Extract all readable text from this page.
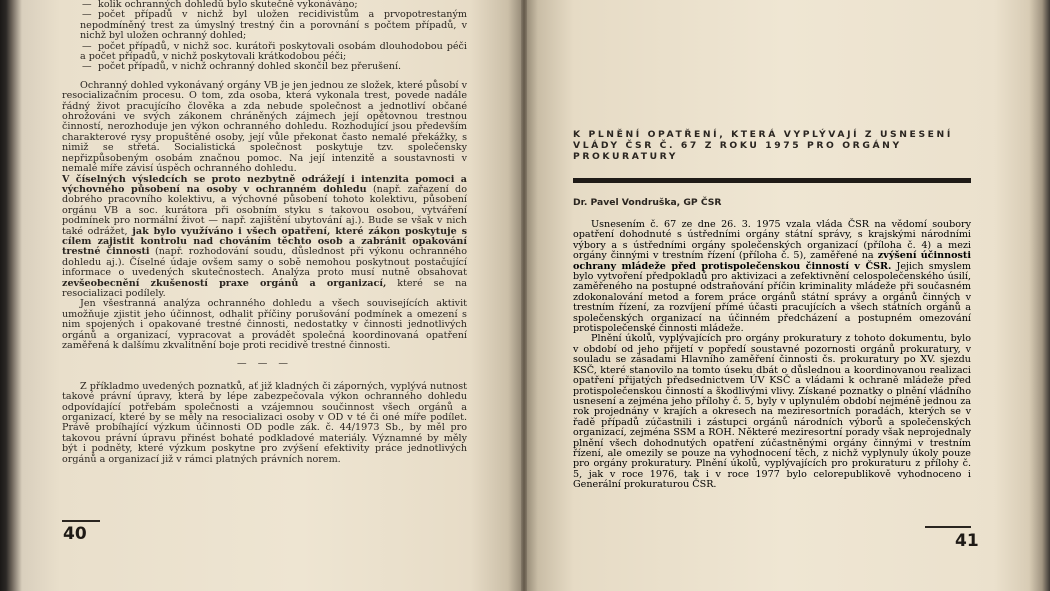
— kolik ochranných dohledů bylo skutečně vykonáváno;

— počet případů v nichž byl uložen recidivistům a prvopotrestaným nepodmíněný trest za úmyslný trestný čin a porovnání s počtem případů, v nichž byl uložen ochranný dohled;

— počet případů, v nichž soc. kurátoři poskytovali osobám dlouhodobou péči a počet případů, v nichž poskytovali krátkodobou péči;

— počet případů, v nichž ochranný dohled skončil bez přerušení.

Ochranný dohled vykonávaný orgány VB je jen jednou ze složek, které působí v resocializačním procesu. O tom, zda osoba, která vykonala trest, povede nadále řádný život pracujícího člověka a zda nebude společnost a jednotliví občané ohrožováni ve svých zákonem chráněných zájmech její opětovnou trestnou činností, nerozhoduje jen výkon ochranného dohledu. Rozhodující jsou především charakterové rysy propuštěné osoby, její vůle překonat často nemalé překážky, s nimiž se střetá. Socialistická společnost poskytuje tzv. společensky nepřizpůsobeným osobám značnou pomoc. Na její intenzitě a soustavnosti v nemalé míře závisí úspěch ochranného dohledu.

V číselných výsledcích se proto nezbytně odrážejí i intenzita pomoci a výchovného působení na osoby v ochranném dohledu (např. zařazení do dobrého pracovního kolektivu, a výchovné působení tohoto kolektivu, působení orgánu VB a soc. kurátora při osobním styku s takovou osobou, vytváření podmínek pro normální život — např. zajištění ubytování aj.). Bude se však v nich také odrážet, jak bylo využíváno i všech opatření, které zákon poskytuje s cílem zajistit kontrolu nad chováním těchto osob a zabránit opakování trestné činnosti (např. rozhodování soudu, důslednost při výkonu ochranného dohledu aj.). Číselné údaje ovšem samy o sobě nemohou poskytnout postačující informace o uvedených skutečnostech. Analýza proto musí nutně obsahovat zevšeobecnění zkušeností praxe orgánů a organizací, které se na resocializaci podílely.

Jen všestranná analýza ochranného dohledu a všech souvisejících aktivit umožňuje zjistit jeho účinnost, odhalit příčiny porušování podmínek a omezení s nim spojených i opakované trestné činnosti, nedostatky v činnosti jednotlivých orgánů a organizací, vypracovat a provádět společná koordinovaná opatření zaměřená k dalšímu zkvalitnění boje proti recidivě trestné činnosti.

— — —

Z příkladmo uvedených poznatků, ať již kladných či záporných, vyplývá nutnost takové právní úpravy, která by lépe zabezpečovala výkon ochranného dohledu odpovídající potřebám společnosti a vzájemnou součinnost všech orgánů a organizací, které by se měly na resocializaci osoby v OD v té či oné míře podílet. Právě probíhající výzkum účinnosti OD podle zák. č. 44/1973 Sb., by měl pro takovou právní úpravu přinést bohaté podkladové materiály. Významné by měly být i podněty, které výzkum poskytne pro zvýšení efektivity práce jednotlivých orgánů a organizací již v rámci platných právních norem.

40
K PLNĚNÍ OPATŘENÍ, KTERÁ VYPLÝVAJÍ Z USNESENÍ VLÁDY ČSR Č. 67 Z ROKU 1975 PRO ORGÁNY PROKURATURY
Dr. Pavel Vondruška, GP ČSR

Usnesením č. 67 ze dne 26. 3. 1975 vzala vláda ČSR na vědomí soubory opatření dohodnuté s ústředními orgány státní správy, s krajskými národními výbory a s ústředními orgány společenských organizací (příloha č. 4) a mezi orgány činnými v trestním řízení (příloha č. 5), zaměřené na zvýšení účinnosti ochrany mládeže před protispolečenskou činností v ČSR. Jejich smyslem bylo vytvoření předpokladů pro aktivizaci a zefektivnění celospolečenského úsilí, zaměřeného na postupné odstraňování příčin kriminality mládeže při současném zdokonalování metod a forem práce orgánů státní správy a orgánů činných v trestním řízení, za rozvíjení přímé účasti pracujících a všech státních orgánů a společenských organizací na účinném předcházení a postupném omezování protispolečenské činnosti mládeže.

Plnění úkolů, vyplývajících pro orgány prokuratury z tohoto dokumentu, bylo v období od jeho přijetí v popředí soustavné pozornosti orgánů prokuratury, v souladu se zásadami Hlavního zaměření činnosti čs. prokuratury po XV. sjezdu KSČ, které stanovilo na tomto úseku dbát o důslednou a koordinovanou realizaci opatření přijatých předsednictvem ÚV KSČ a vládami k ochraně mládeže před protispolečenskou činností a škodlivými vlivy. Získané poznatky o plnění vládního usnesení a zejména jeho přílohy č. 5, byly v uplynulém období nejméně jednou za rok projednány v krajích a okresech na meziresortních poradách, kterých se v řadě případů zúčastnili i zástupci orgánů národních výborů a společenských organizací, zejména SSM a ROH. Některé meziresortní porady však neprojednaly plnění všech dohodnutých opatření zúčastněnými orgány činnými v trestním řízení, ale omezily se pouze na vyhodnocení těch, z nichž vyplynuly úkoly pouze pro orgány prokuratury. Plnění úkolů, vyplývajících pro prokuraturu z přílohy č. 5, jak v roce 1976, tak i v roce 1977 bylo celorepublikově vyhodnoceno i Generální prokuraturou ČSR.

41
